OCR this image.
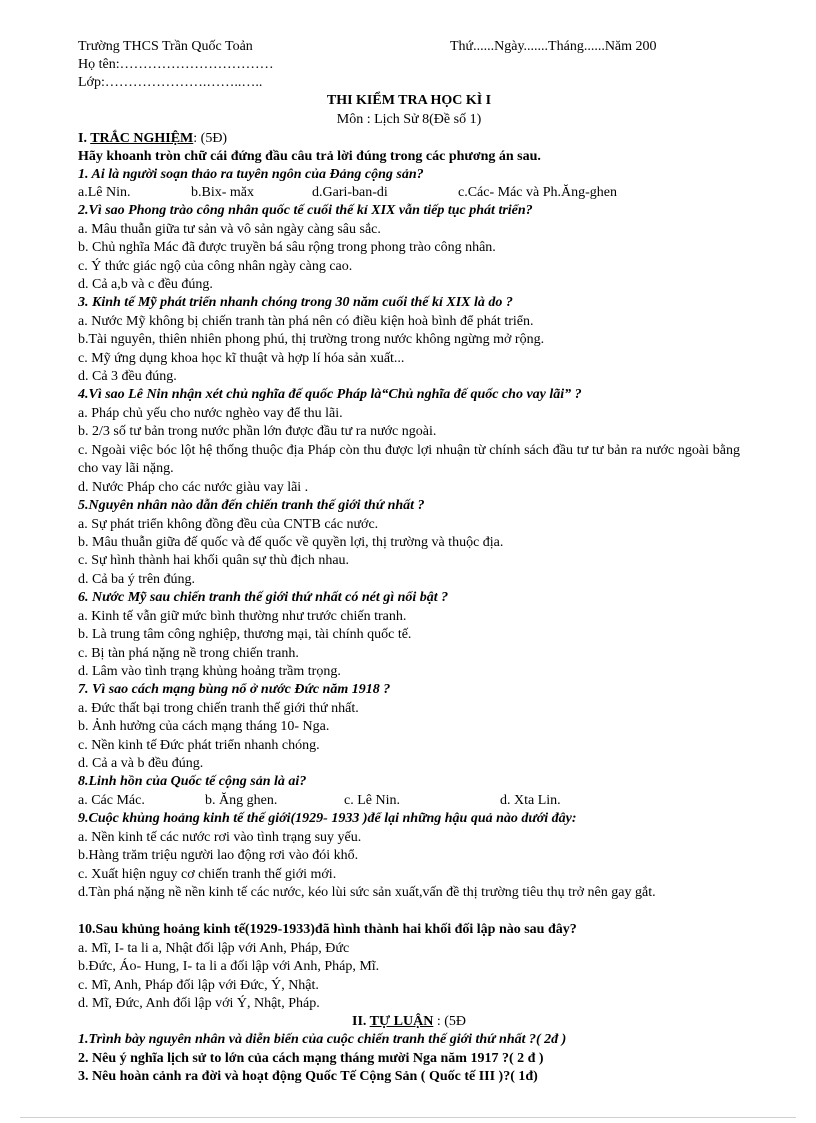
Trường THCS Trần Quốc Toản	Thứ......Ngày.......Tháng......Năm 200
Họ tên:……………………………
Lớp:………………….……..…..
THI KIỂM TRA HỌC KÌ I
Môn : Lịch Sử 8(Đề số 1)
I. TRẮC NGHIỆM: (5Đ)
Hãy khoanh tròn chữ cái đứng đầu câu trả lời đúng trong các phương án sau.
1. Ai là người soạn thảo ra tuyên ngôn của Đảng cộng sản?
a.Lê Nin.	b.Bix- măx	d.Gari-ban-di	c.Các- Mác và Ph.Ăng-ghen
2.Vì sao Phong trào công nhân quốc tế cuối thế kỉ XIX vẫn tiếp tục phát triển?
a. Mâu thuẫn giữa tư sản và vô sản ngày càng sâu sắc.
b. Chủ nghĩa Mác đã được truyền bá sâu rộng trong phong trào công nhân.
c. Ý thức giác ngộ của công nhân ngày càng cao.
d. Cả a,b và c đều đúng.
3. Kinh tế Mỹ phát triển nhanh chóng trong 30 năm cuối thế kỉ XIX là do ?
a. Nước Mỹ không bị chiến tranh tàn phá nên có điều kiện hoà bình để phát triển.
b.Tài nguyên, thiên nhiên phong phú, thị trường trong nước không ngừng mở rộng.
c. Mỹ ứng dụng khoa học kĩ thuật và hợp lí hóa sản xuất...
d. Cả 3 đều đúng.
4.Vì sao Lê Nin nhận xét chủ nghĩa đế quốc Pháp là“Chủ nghĩa đế quốc cho vay lãi” ?
a. Pháp chủ yếu cho nước nghèo vay để thu lãi.
b. 2/3 số tư bản trong nước phần lớn được đầu tư ra nước ngoài.
c. Ngoài việc bóc lột hệ thống thuộc địa Pháp còn thu được lợi nhuận từ chính sách đầu tư tư bản ra nước ngoài bằng cho vay lãi nặng.
d. Nước Pháp cho các nước giàu vay lãi .
5.Nguyên nhân nào dẫn đến chiến tranh thế giới thứ nhất ?
a. Sự phát triển không đồng đều của CNTB các nước.
b. Mâu thuẫn giữa đế quốc và đế quốc về quyền lợi, thị trường và thuộc địa.
c. Sự hình thành hai khối quân sự thù địch nhau.
d. Cả ba ý trên đúng.
6. Nước Mỹ sau chiến tranh thế giới thứ nhất có nét gì nổi bật ?
a. Kinh tế vẫn giữ mức bình thường như trước chiến tranh.
b. Là trung tâm công nghiệp, thương mại, tài chính quốc tế.
c. Bị tàn phá nặng nề trong chiến tranh.
d. Lâm vào tình trạng khủng hoảng trầm trọng.
7. Vì sao cách mạng bùng nổ ở nước Đức năm 1918 ?
a. Đức thất bại trong chiến tranh thế giới thứ nhất.
b. Ảnh hưởng của cách mạng tháng 10- Nga.
c. Nền kinh tế Đức phát triển nhanh chóng.
d. Cả a và b đều đúng.
8.Linh hồn của Quốc tế cộng sản là ai?
a. Các Mác.	b. Ăng ghen.	c. Lê Nin.	d. Xta Lin.
9.Cuộc khủng hoảng kinh tế thế giới(1929- 1933 )để lại những hậu quả nào dưới đây:
a. Nền kinh tế các nước rơi vào tình trạng suy yếu.
b.Hàng trăm triệu người lao động rơi vào đói khổ.
c. Xuất hiện nguy cơ chiến tranh thế giới mới.
d.Tàn phá nặng nề nền kinh tế các nước, kéo lùi sức sản xuất,vấn đề thị trường tiêu thụ trở nên gay gắt.
10.Sau khủng hoảng kinh tế(1929-1933)đã hình thành hai khối đối lập nào sau đây?
a. Mĩ, I- ta li a, Nhật đối lập với Anh, Pháp, Đức
b.Đức, Áo- Hung, I- ta li a đối lập với Anh, Pháp, Mĩ.
c. Mĩ, Anh, Pháp đối lập với Đức, Ý, Nhật.
d. Mĩ, Đức, Anh đối lập với Ý, Nhật, Pháp.
II. TỰ LUẬN : (5Đ
1.Trình bày nguyên nhân và diễn biến của cuộc chiến tranh thế giới thứ nhất ?( 2đ )
2. Nêu ý nghĩa lịch sử to lớn của cách mạng tháng mười Nga năm 1917 ?( 2 đ )
3. Nêu hoàn cảnh ra đời và hoạt động Quốc Tế Cộng Sản ( Quốc tế III )?( 1đ)
